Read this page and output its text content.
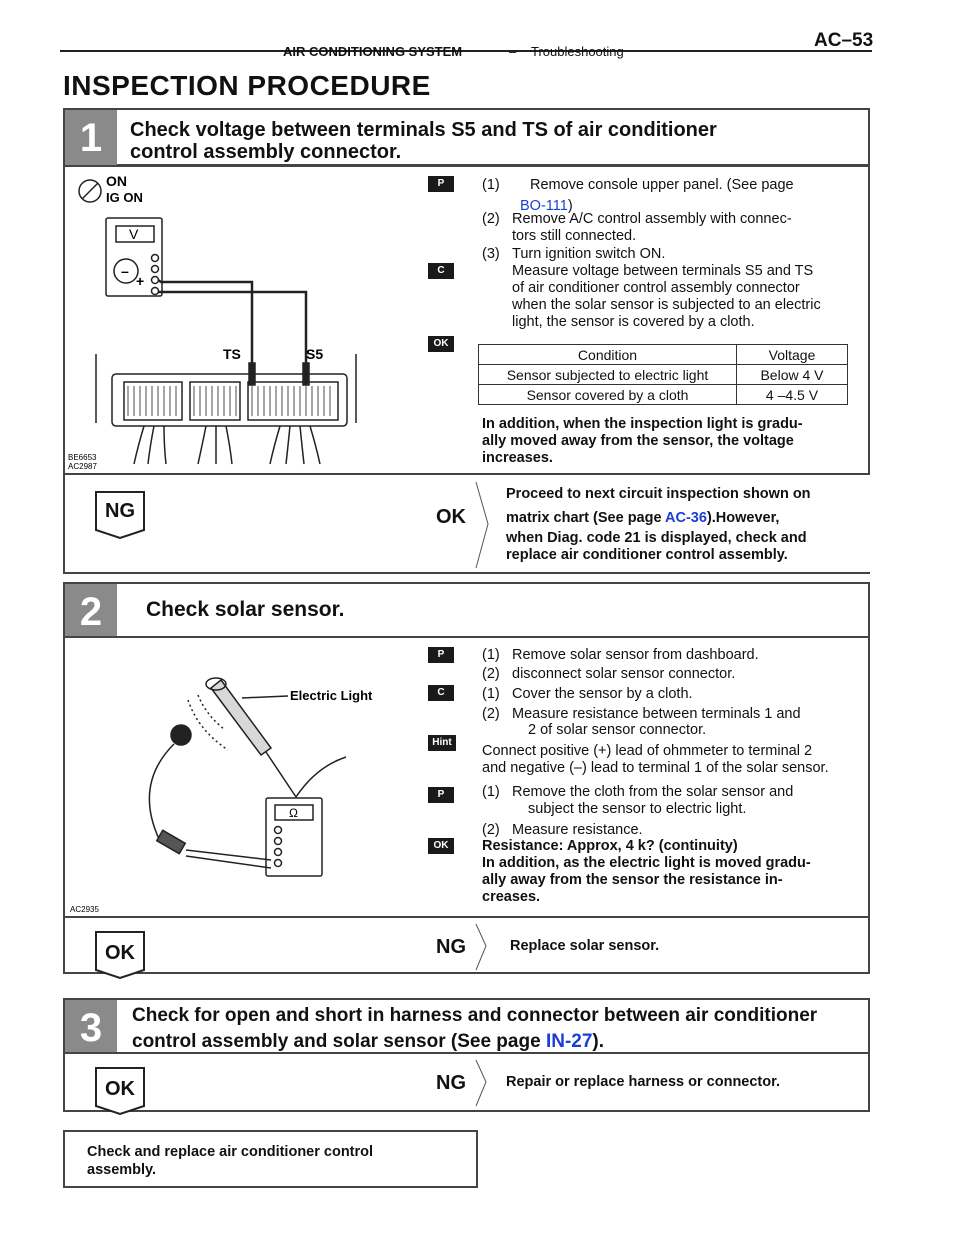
AIR CONDITIONING SYSTEM	– Troubleshooting
AC–53
INSPECTION PROCEDURE
1	Check voltage between terminals S5 and TS of air conditioner
control assembly connector.
ON
IG ON
V
–
+
TS	S5
BE6653
AC2987
P
C
OK
(1) Remove console upper panel. (See page
BO-111)
(2) Remove A/C control assembly with connec-
tors still connected.
(3) Turn ignition switch ON.
Measure voltage between terminals S5 and TS
of air conditioner control assembly connector
when the solar sensor is subjected to an electric
light, the sensor is covered by a cloth.
Condition	Voltage
Sensor subjected to electric light	Below 4 V
Sensor covered by a cloth	4 –4.5 V
In addition, when the inspection light is gradu-
ally moved away from the sensor, the voltage
increases.
NG	OK
Proceed to next circuit inspection shown on
matrix chart (See page AC-36).However,
when Diag. code 21 is displayed, check and
replace air conditioner control assembly.
2	Check solar sensor.
Electric Light
Ω
AC2935
P
C
Hint
P
OK
(1) Remove solar sensor from dashboard.
(2) disconnect solar sensor connector.
(1) Cover the sensor by a cloth.
(2) Measure resistance between terminals 1 and
2 of solar sensor connector.
Connect positive (+) lead of ohmmeter to terminal 2
and negative (–) lead to terminal 1 of the solar sensor.
(1) Remove the cloth from the solar sensor and
subject the sensor to electric light.
(2) Measure resistance.
Resistance: Approx, 4 k? (continuity)
In addition, as the electric light is moved gradu-
ally away from the sensor the resistance in-
creases.
OK	NG	Replace solar sensor.
3	Check for open and short in harness and connector between air conditioner
control assembly and solar sensor (See page IN-27).
OK	NG	Repair or replace harness or connector.
Check and replace air conditioner control
assembly.
